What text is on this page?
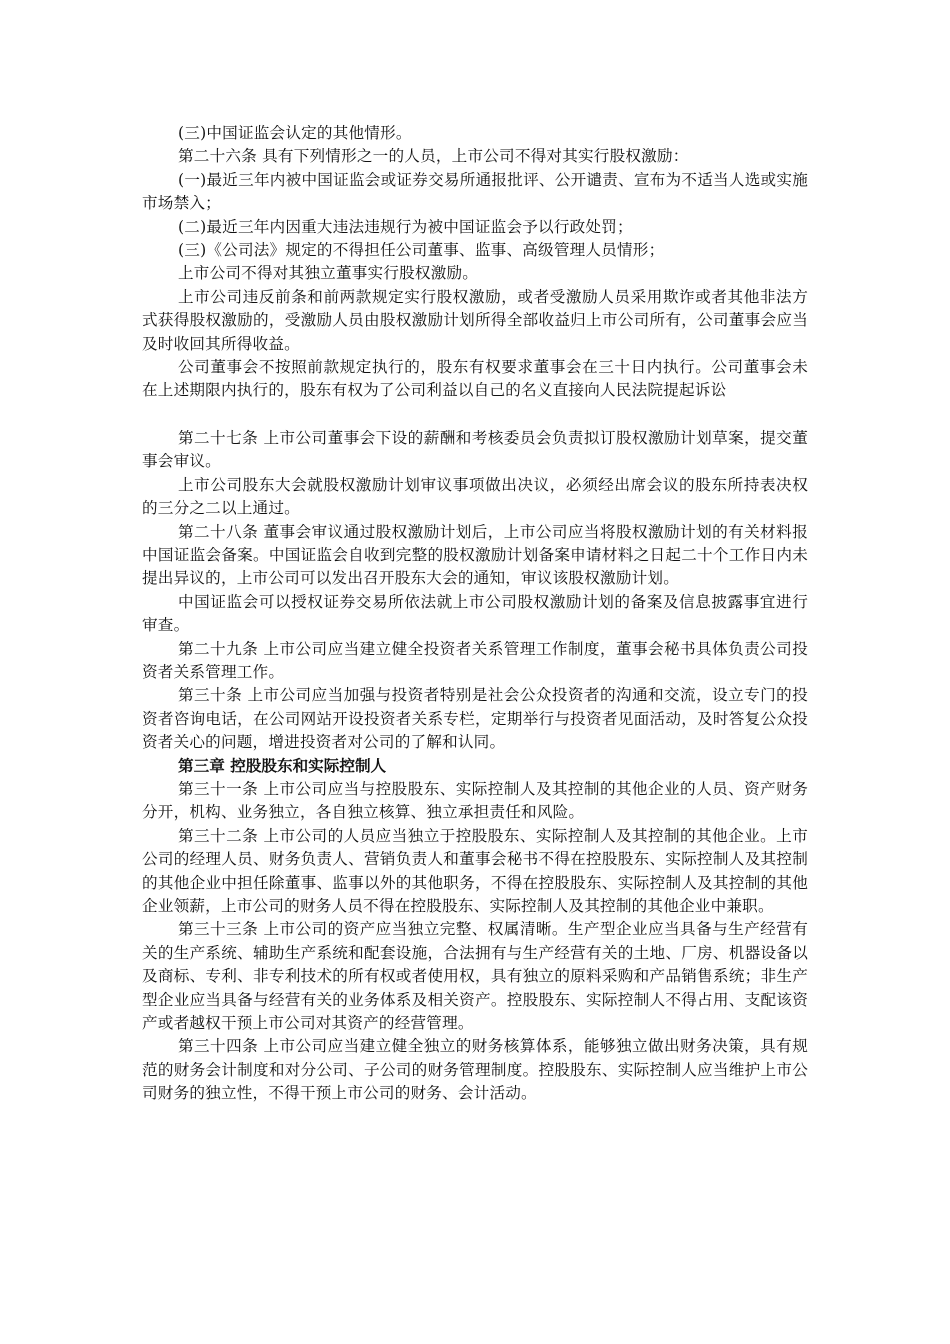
(三)中国证监会认定的其他情形。

第二十六条 具有下列情形之一的人员，上市公司不得对其实行股权激励：

(一)最近三年内被中国证监会或证券交易所通报批评、公开谴责、宣布为不适当人选或实施市场禁入；

(二)最近三年内因重大违法违规行为被中国证监会予以行政处罚；

(三)《公司法》规定的不得担任公司董事、监事、高级管理人员情形；

上市公司不得对其独立董事实行股权激励。

上市公司违反前条和前两款规定实行股权激励，或者受激励人员采用欺诈或者其他非法方式获得股权激励的，受激励人员由股权激励计划所得全部收益归上市公司所有，公司董事会应当及时收回其所得收益。

公司董事会不按照前款规定执行的，股东有权要求董事会在三十日内执行。公司董事会未在上述期限内执行的，股东有权为了公司利益以自己的名义直接向人民法院提起诉讼

第二十七条 上市公司董事会下设的薪酬和考核委员会负责拟订股权激励计划草案，提交董事会审议。

上市公司股东大会就股权激励计划审议事项做出决议，必须经出席会议的股东所持表决权的三分之二以上通过。

第二十八条 董事会审议通过股权激励计划后，上市公司应当将股权激励计划的有关材料报中国证监会备案。中国证监会自收到完整的股权激励计划备案申请材料之日起二十个工作日内未提出异议的，上市公司可以发出召开股东大会的通知，审议该股权激励计划。

中国证监会可以授权证券交易所依法就上市公司股权激励计划的备案及信息披露事宜进行审查。

第二十九条 上市公司应当建立健全投资者关系管理工作制度，董事会秘书具体负责公司投资者关系管理工作。

第三十条 上市公司应当加强与投资者特别是社会公众投资者的沟通和交流，设立专门的投资者咨询电话，在公司网站开设投资者关系专栏，定期举行与投资者见面活动，及时答复公众投资者关心的问题，增进投资者对公司的了解和认同。

第三章 控股股东和实际控制人

第三十一条 上市公司应当与控股股东、实际控制人及其控制的其他企业的人员、资产财务分开，机构、业务独立，各自独立核算、独立承担责任和风险。

第三十二条 上市公司的人员应当独立于控股股东、实际控制人及其控制的其他企业。上市公司的经理人员、财务负责人、营销负责人和董事会秘书不得在控股股东、实际控制人及其控制的其他企业中担任除董事、监事以外的其他职务，不得在控股股东、实际控制人及其控制的其他企业领薪，上市公司的财务人员不得在控股股东、实际控制人及其控制的其他企业中兼职。

第三十三条 上市公司的资产应当独立完整、权属清晰。生产型企业应当具备与生产经营有关的生产系统、辅助生产系统和配套设施，合法拥有与生产经营有关的土地、厂房、机器设备以及商标、专利、非专利技术的所有权或者使用权，具有独立的原料采购和产品销售系统；非生产型企业应当具备与经营有关的业务体系及相关资产。控股股东、实际控制人不得占用、支配该资产或者越权干预上市公司对其资产的经营管理。

第三十四条 上市公司应当建立健全独立的财务核算体系，能够独立做出财务决策，具有规范的财务会计制度和对分公司、子公司的财务管理制度。控股股东、实际控制人应当维护上市公司财务的独立性，不得干预上市公司的财务、会计活动。
